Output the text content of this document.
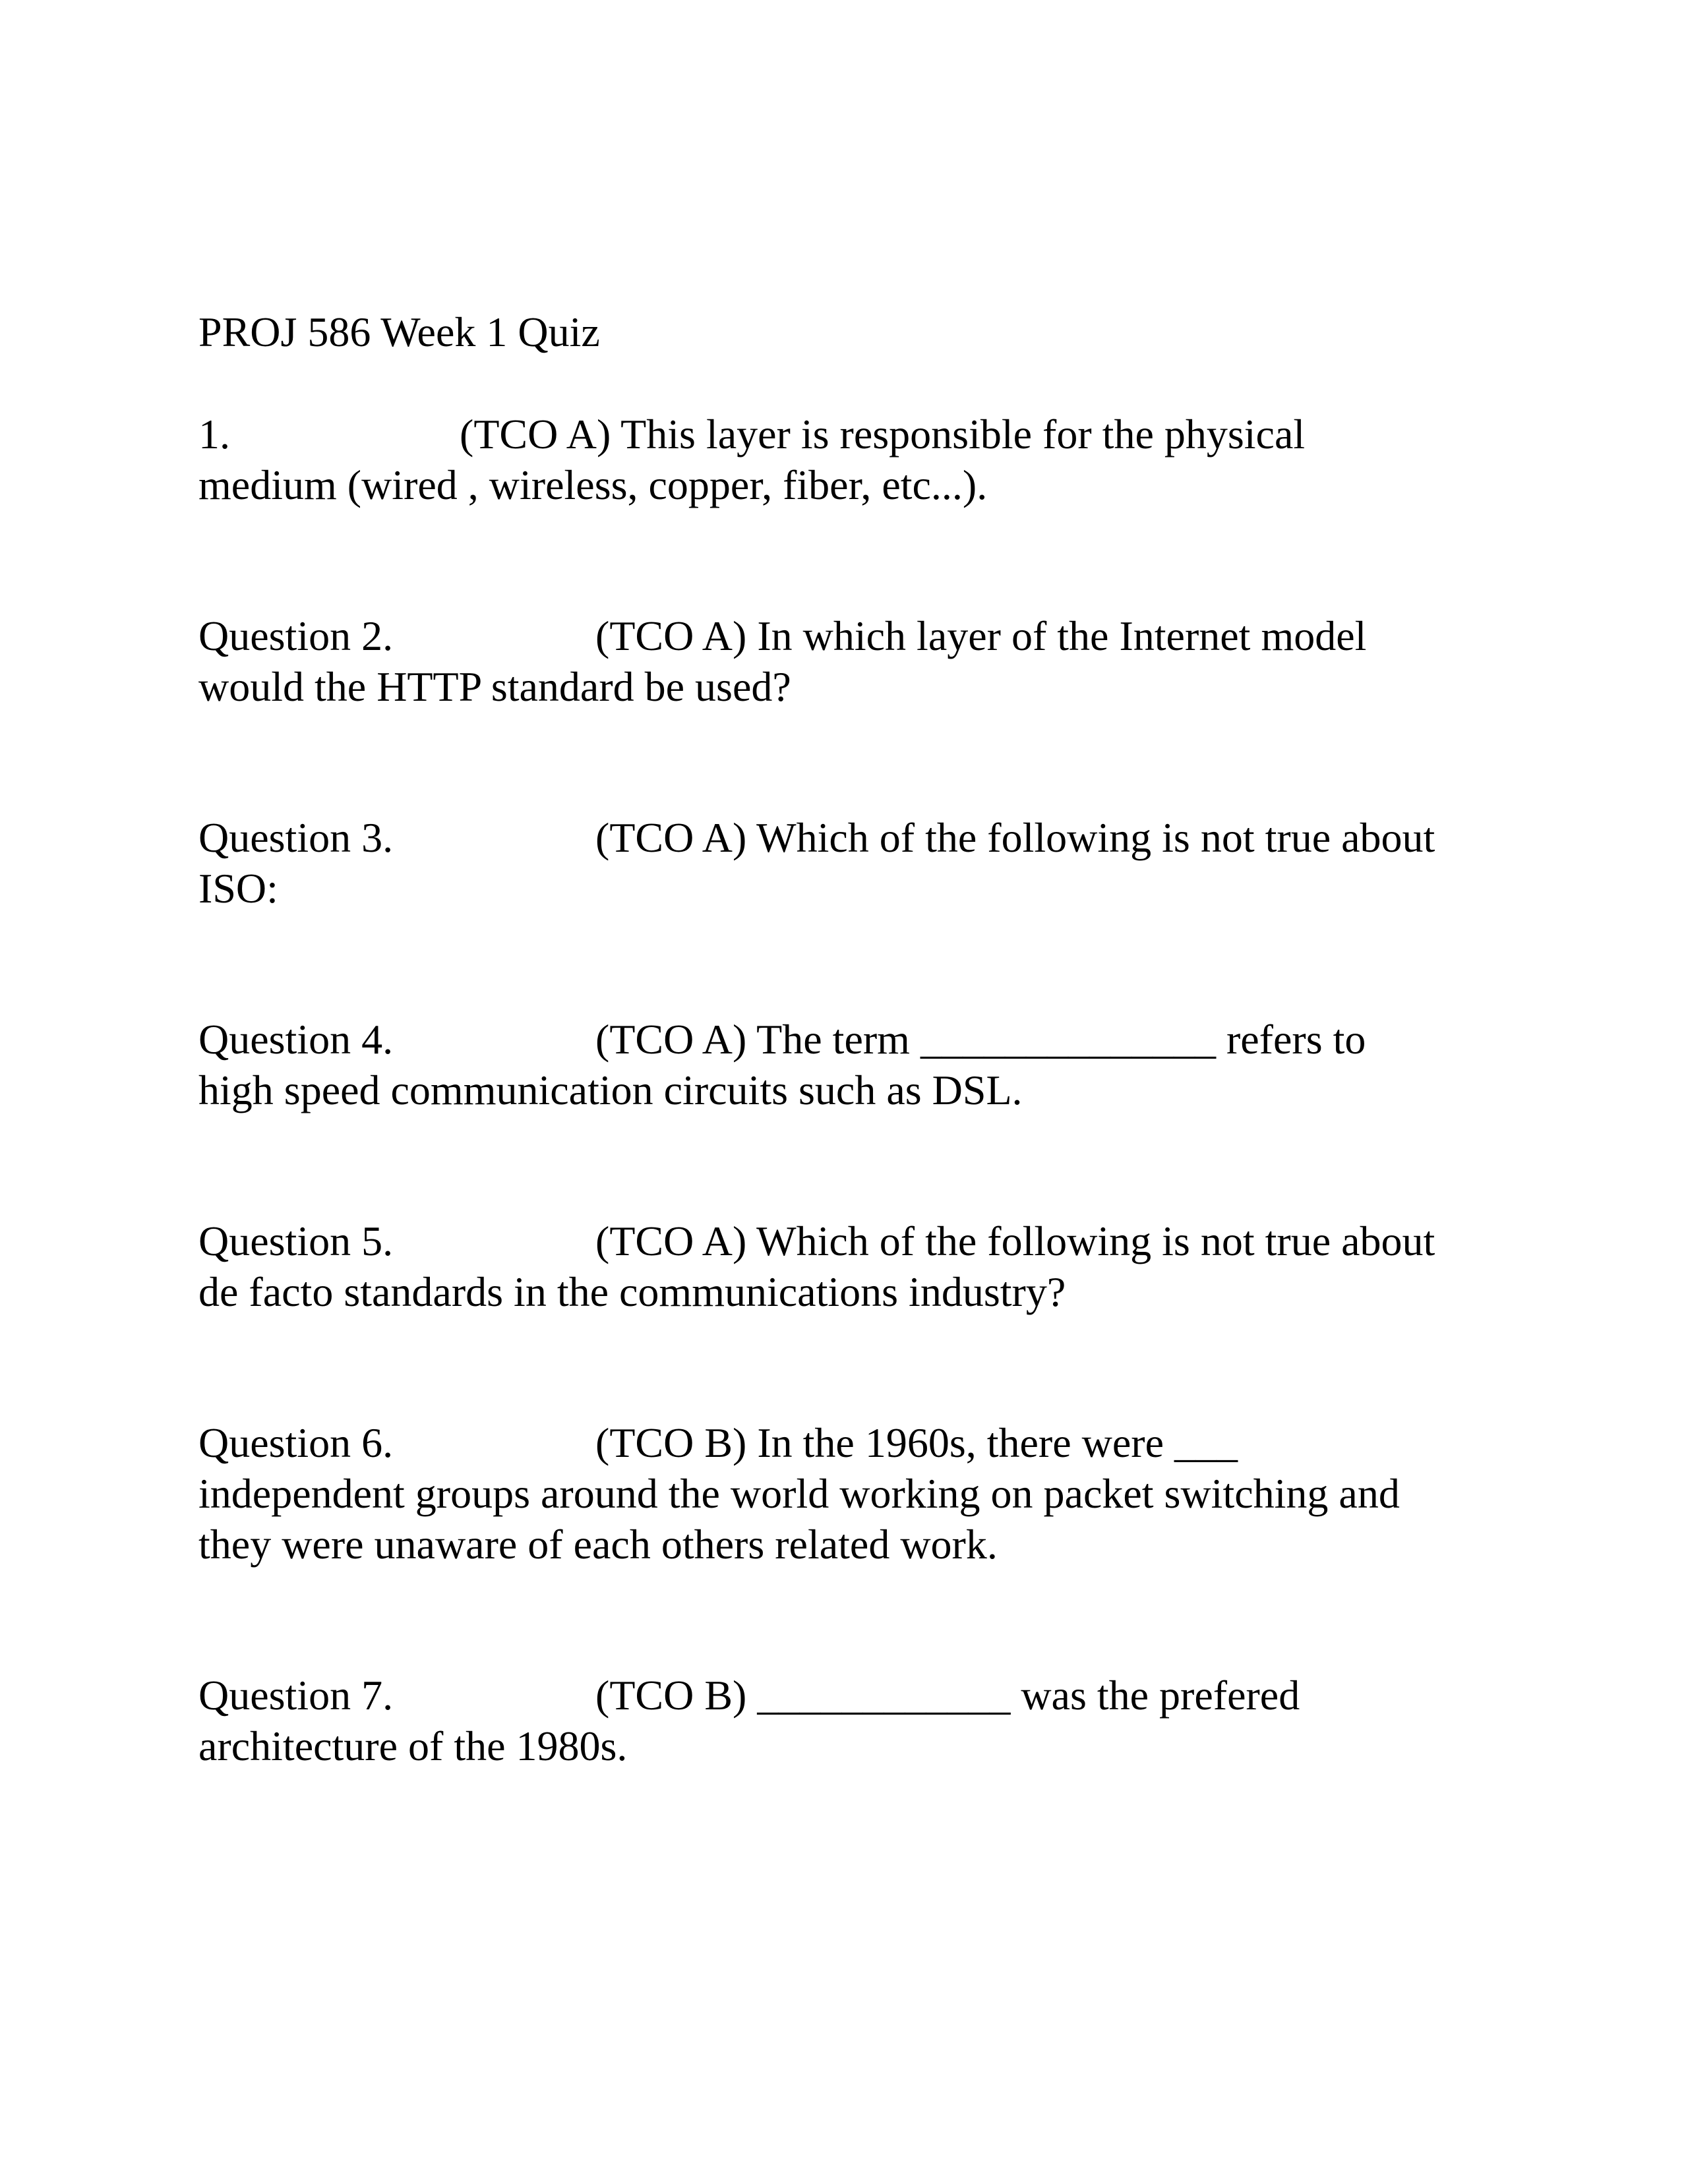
PROJ 586 Week 1 Quiz
1.	(TCO A) This layer is responsible for the physical
medium (wired , wireless, copper, fiber, etc...).
Question 2.	(TCO A) In which layer of the Internet model
would the HTTP standard be used?
Question 3.	(TCO A) Which of the following is not true about
ISO:
Question 4.	(TCO A) The term ______________ refers to
high speed communication circuits such as DSL.
Question 5.	(TCO A) Which of the following is not true about
de facto standards in the communications industry?
Question 6.	(TCO B) In the 1960s, there were ___
independent groups around the world working on packet switching and
they were unaware of each others related work.
Question 7.	(TCO B) ____________ was the prefered
architecture of the 1980s.
